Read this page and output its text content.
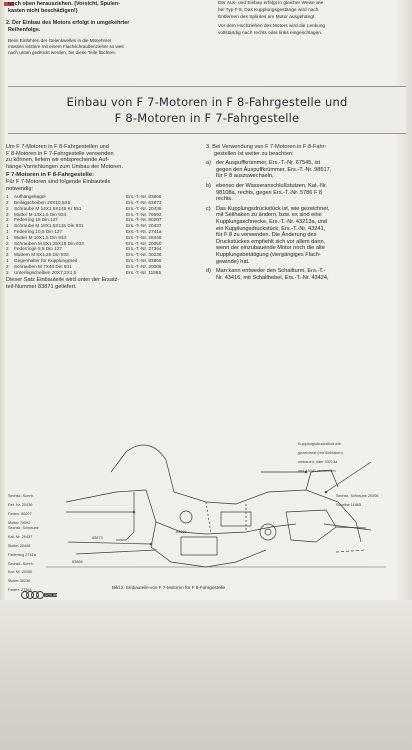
noch oben herausziehen. (Vorsicht, Spulen-
kasten nicht beschädigen!)
2. Der Einbau des Motors erfolgt in umgekehrter
Reihenfolge.
Beim Einführen der Gelenkwellen in die Mitnehmer
müssen letztere mit einem Flachschraubenzieher so weit
nach unten gedrückt werden, bis diese Teile flüchten.
Der Aus- und Einbau erfolgt in gleicher Weise wie
bei Typ F 8. Das Kupplungsgestänge wird nach
Entfernen des Splintes am Motor ausgehängt.
Vor dem Hochziehen des Motors wird die Lenkung
vollständig nach rechts oder links eingeschlagen.
Einbau von F 7-Motoren in F 8-Fahrgestelle und
F 8-Motoren in F 7-Fahrgestelle
Um F 7-Motoren in F 8-Fahrgestellen und
F 8-Motoren in F 7-Fahrgestelle verwenden
zu können, liefern wir entsprechende Auf-
hänge-Vorrichtungen zum Umbau der Motoren.
F 7-Motoren in F 8-Fahrgestelle:
Für F 7-Motoren sind folgende Einbauteile
notwendig:
1	Aufhängebügel	Ers.-T.-Nr. 83866
2	Beilagscheiben 20X10,5X5	Ers.-T.-Nr. 83873
2	Schraube M 14X1,5X145 Kr 551	Ers.-T.-Nr. 20436
2	Mutter M 14X1,5 Din 934	Ers.-T.-Nr. 79592
2	Federring 15 Din 127	Ers.-T.-Nr. 80207
1	Schraube M 10X1,5X115 Din 931	Ers.-T.-Nr. 20437
1	Federring 10,5 Din 127	Ers.-T.-Nr. 2741a
1	Mutter M 10X1,5 Din 934	Ers.-T.-Nr. 20448
2	Schrauben M 8X1,25X18 Din 933	Ers.-T.-Nr. 20050
2	Federringe 8,5 Din 127	Ers.-T.-Nr. 27364
2	Muttern M 8X1,25 Din 934	Ers.-T.-Nr. 30236
1	Gegenhalter für Kupplungsseil	Ers.-T.-Nr. 83865
2	Schrauben M 7X40 Din 931	Ers.-T.-Nr. 20006
2	Unterlegscheiben 20X7,2X1,5	Ers.-T.-Nr. 11865
Dieser Satz Einbauteile wird unter der Ersatz-
teil-Nummer 83871 geliefert.
3. Bei Verwendung von F 7-Motoren in F 8-Fahr-
gestellen ist weiter zu beachten:
a) der Auspuffkrümmer, Ers.-T.-Nr. 67545, ist
gegen den Auspuffkrümmer, Ers.-T.-Nr. 98517,
für F 8 auszuwechseln,
b) ebenso der Wasseranschlußstutzen, Kat.-Nr.
98108a, rechts, gegen Ers.-T.-Nr. 5786 F 8
rechts.
c) Das Kupplungsdruckstück ist, wie gezeichnet,
mit Seilhaken zu ändern, bzw. es sind eine
Kupplungsschnecke, Ers.-T.-Nr. 43213a, und
ein Kupplungsdruckstück, Ers.-T.-Nr. 43241,
für F 8 zu verwenden. Die Änderung des
Druckstückes empfiehlt sich vor allem dann,
wenn der einzubauende Motor noch die alte
Kupplungsbetätigung (viergängiges Flach-
gewinde) hat.
d) Man kann entweder den Schaltturm, Ers.-T.-
Nr. 43416, mit Schalthebel, Ers.-T.-Nr. 43424,

Sechsk.-Schrb.

Ref. Nr. 20436

Federr. 80207

Mutter 79592

Sechsk. Schraube

Kat. Nr. 20437

Mutter 20448

Federring 2741a

Sechsk.-Schrb.

Kat. Nr. 20050

Mutter 30236

Federr. 27364

Kupplungsdruckstück wie

gezeichnet (mit Seilhaken)

umbauen, oder 43213a

und 43241 verwenden

Sechsk. Schraube 20006

Scheibe 11865

83866
83873
83865
Bild 2. Einbauteile von F 7-Motoren für F 8-Fahrgestelle
AUTO UNION
